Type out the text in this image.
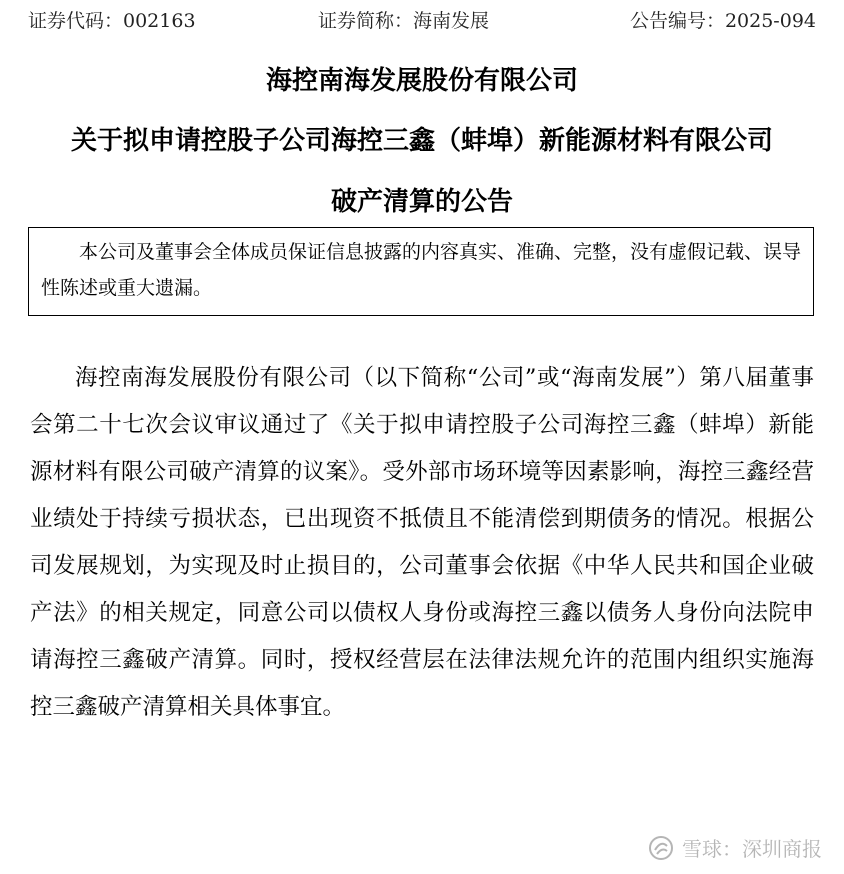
证券代码：002163	证券简称：海南发展	公告编号：2025-094
海控南海发展股份有限公司
关于拟申请控股子公司海控三鑫（蚌埠）新能源材料有限公司
破产清算的公告
本公司及董事会全体成员保证信息披露的内容真实、准确、完整，没有虚假记载、误导性陈述或重大遗漏。

海控南海发展股份有限公司（以下简称“公司”或“海南发展”）第八届董事会第二十七次会议审议通过了《关于拟申请控股子公司海控三鑫（蚌埠）新能源材料有限公司破产清算的议案》。受外部市场环境等因素影响，海控三鑫经营业绩处于持续亏损状态，已出现资不抵债且不能清偿到期债务的情况。根据公司发展规划，为实现及时止损目的，公司董事会依据《中华人民共和国企业破产法》的相关规定，同意公司以债权人身份或海控三鑫以债务人身份向法院申请海控三鑫破产清算。同时，授权经营层在法律法规允许的范围内组织实施海控三鑫破产清算相关具体事宜。

雪球：深圳商报
